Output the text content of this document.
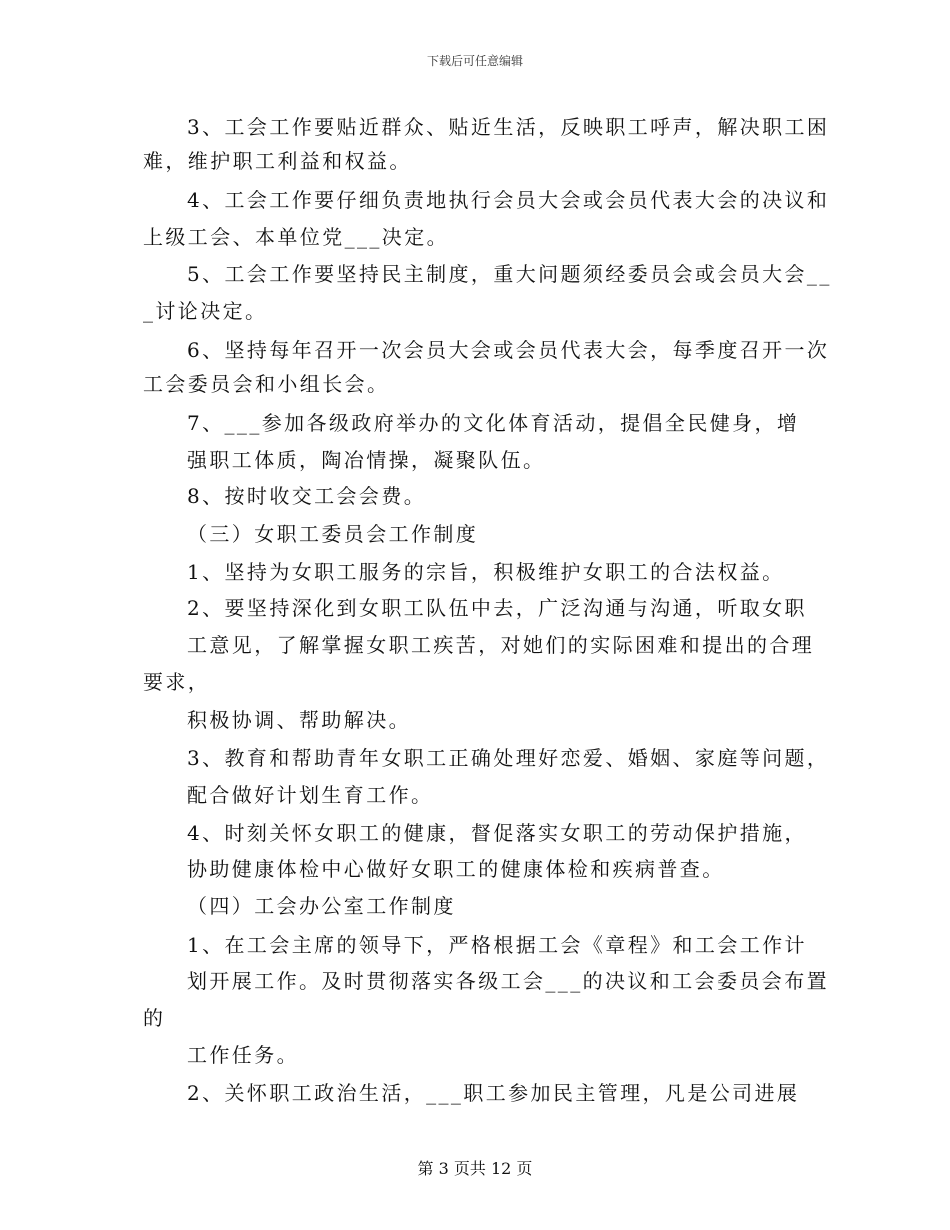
下载后可任意编辑
3、工会工作要贴近群众、贴近生活，反映职工呼声，解决职工困
难，维护职工利益和权益。
4、工会工作要仔细负责地执行会员大会或会员代表大会的决议和
上级工会、本单位党___决定。
5、工会工作要坚持民主制度，重大问题须经委员会或会员大会__
_讨论决定。
6、坚持每年召开一次会员大会或会员代表大会，每季度召开一次
工会委员会和小组长会。
7、___参加各级政府举办的文化体育活动，提倡全民健身，增
强职工体质，陶冶情操，凝聚队伍。
8、按时收交工会会费。
（三）女职工委员会工作制度
1、坚持为女职工服务的宗旨，积极维护女职工的合法权益。
2、要坚持深化到女职工队伍中去，广泛沟通与沟通，听取女职
工意见，了解掌握女职工疾苦，对她们的实际困难和提出的合理
要求，
积极协调、帮助解决。
3、教育和帮助青年女职工正确处理好恋爱、婚姻、家庭等问题，
配合做好计划生育工作。
4、时刻关怀女职工的健康，督促落实女职工的劳动保护措施，
协助健康体检中心做好女职工的健康体检和疾病普查。
（四）工会办公室工作制度
1、在工会主席的领导下，严格根据工会《章程》和工会工作计
划开展工作。及时贯彻落实各级工会___的决议和工会委员会布置
的
工作任务。
2、关怀职工政治生活，___职工参加民主管理，凡是公司进展
第 3 页共 12 页
